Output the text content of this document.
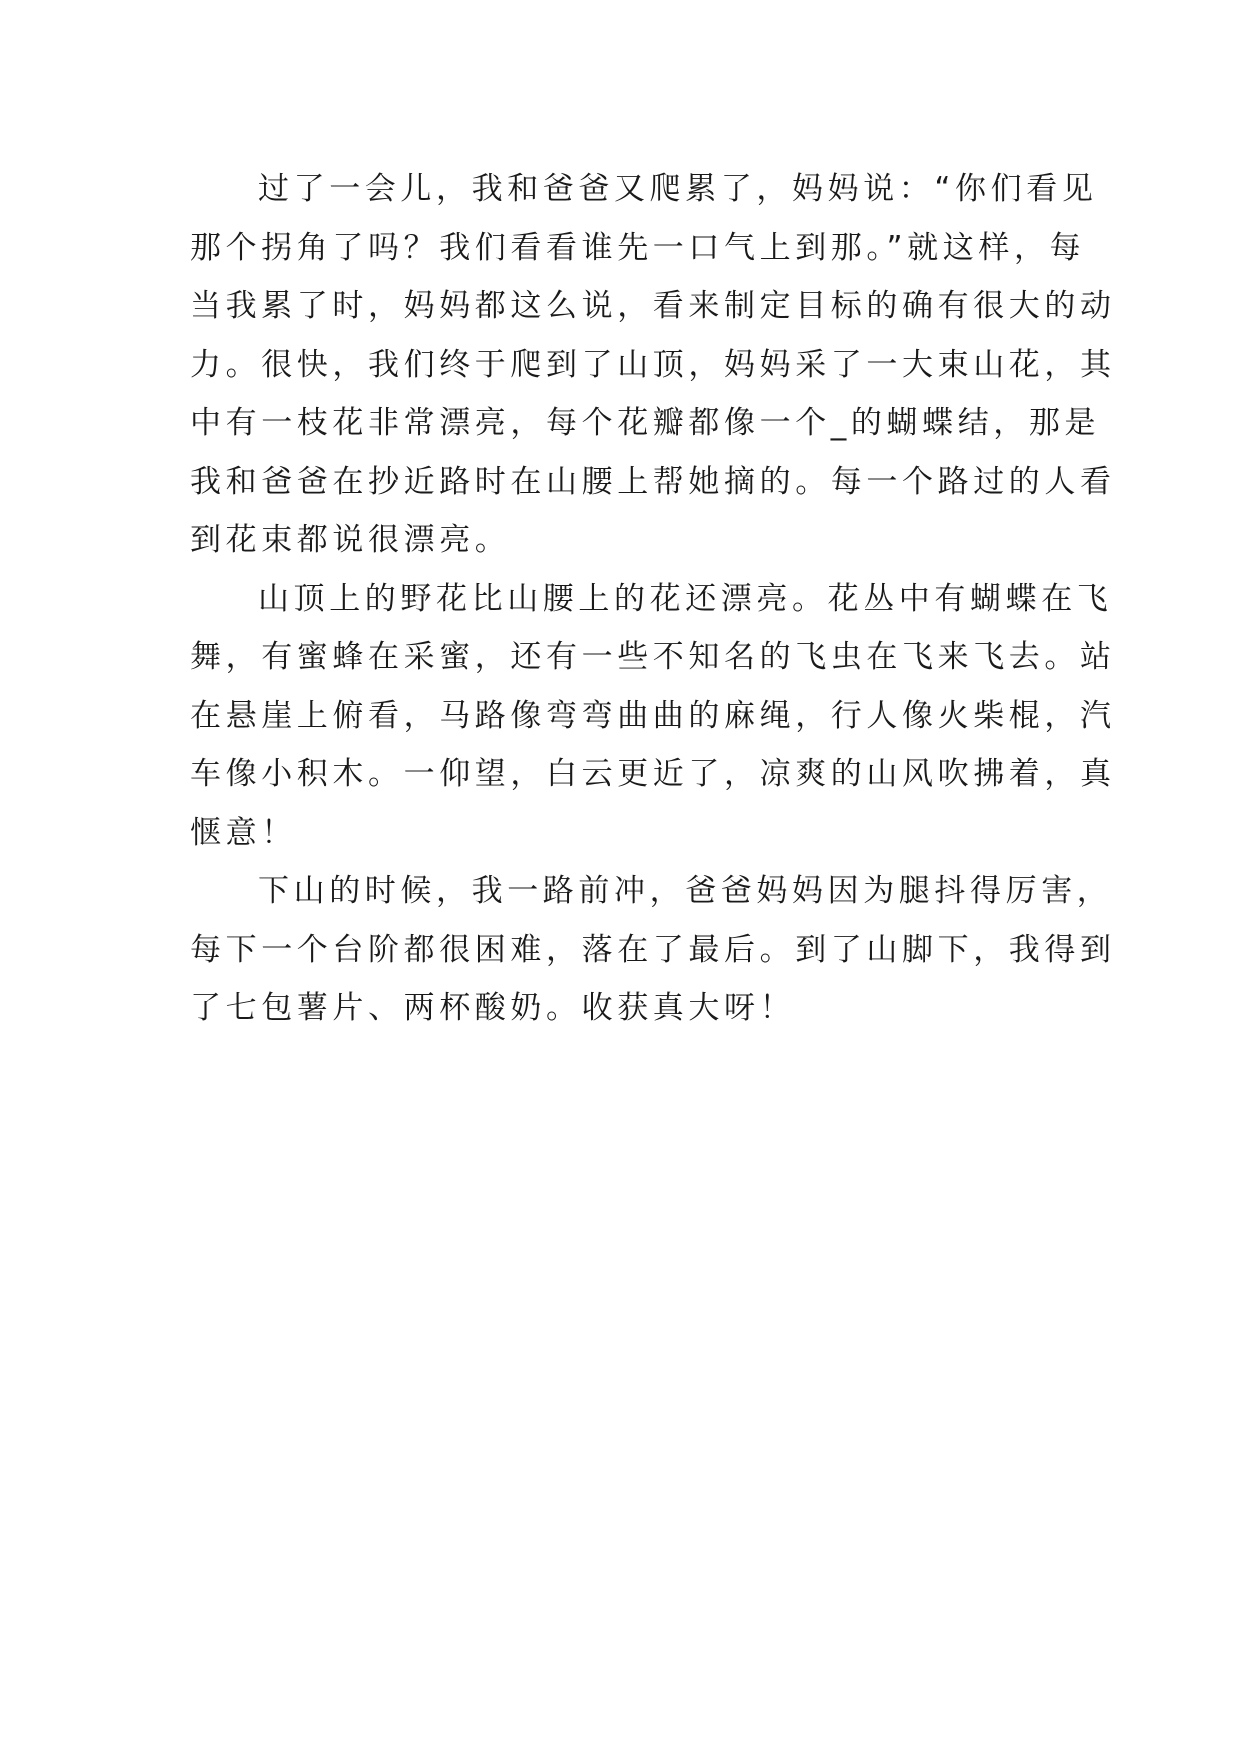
过了一会儿，我和爸爸又爬累了，妈妈说：“你们看见
那个拐角了吗？我们看看谁先一口气上到那。”就这样，每
当我累了时，妈妈都这么说，看来制定目标的确有很大的动
力。很快，我们终于爬到了山顶，妈妈采了一大束山花，其
中有一枝花非常漂亮，每个花瓣都像一个_的蝴蝶结，那是
我和爸爸在抄近路时在山腰上帮她摘的。每一个路过的人看
到花束都说很漂亮。
山顶上的野花比山腰上的花还漂亮。花丛中有蝴蝶在飞
舞，有蜜蜂在采蜜，还有一些不知名的飞虫在飞来飞去。站
在悬崖上俯看，马路像弯弯曲曲的麻绳，行人像火柴棍，汽
车像小积木。一仰望，白云更近了，凉爽的山风吹拂着，真
惬意！
下山的时候，我一路前冲，爸爸妈妈因为腿抖得厉害，
每下一个台阶都很困难，落在了最后。到了山脚下，我得到
了七包薯片、两杯酸奶。收获真大呀！
